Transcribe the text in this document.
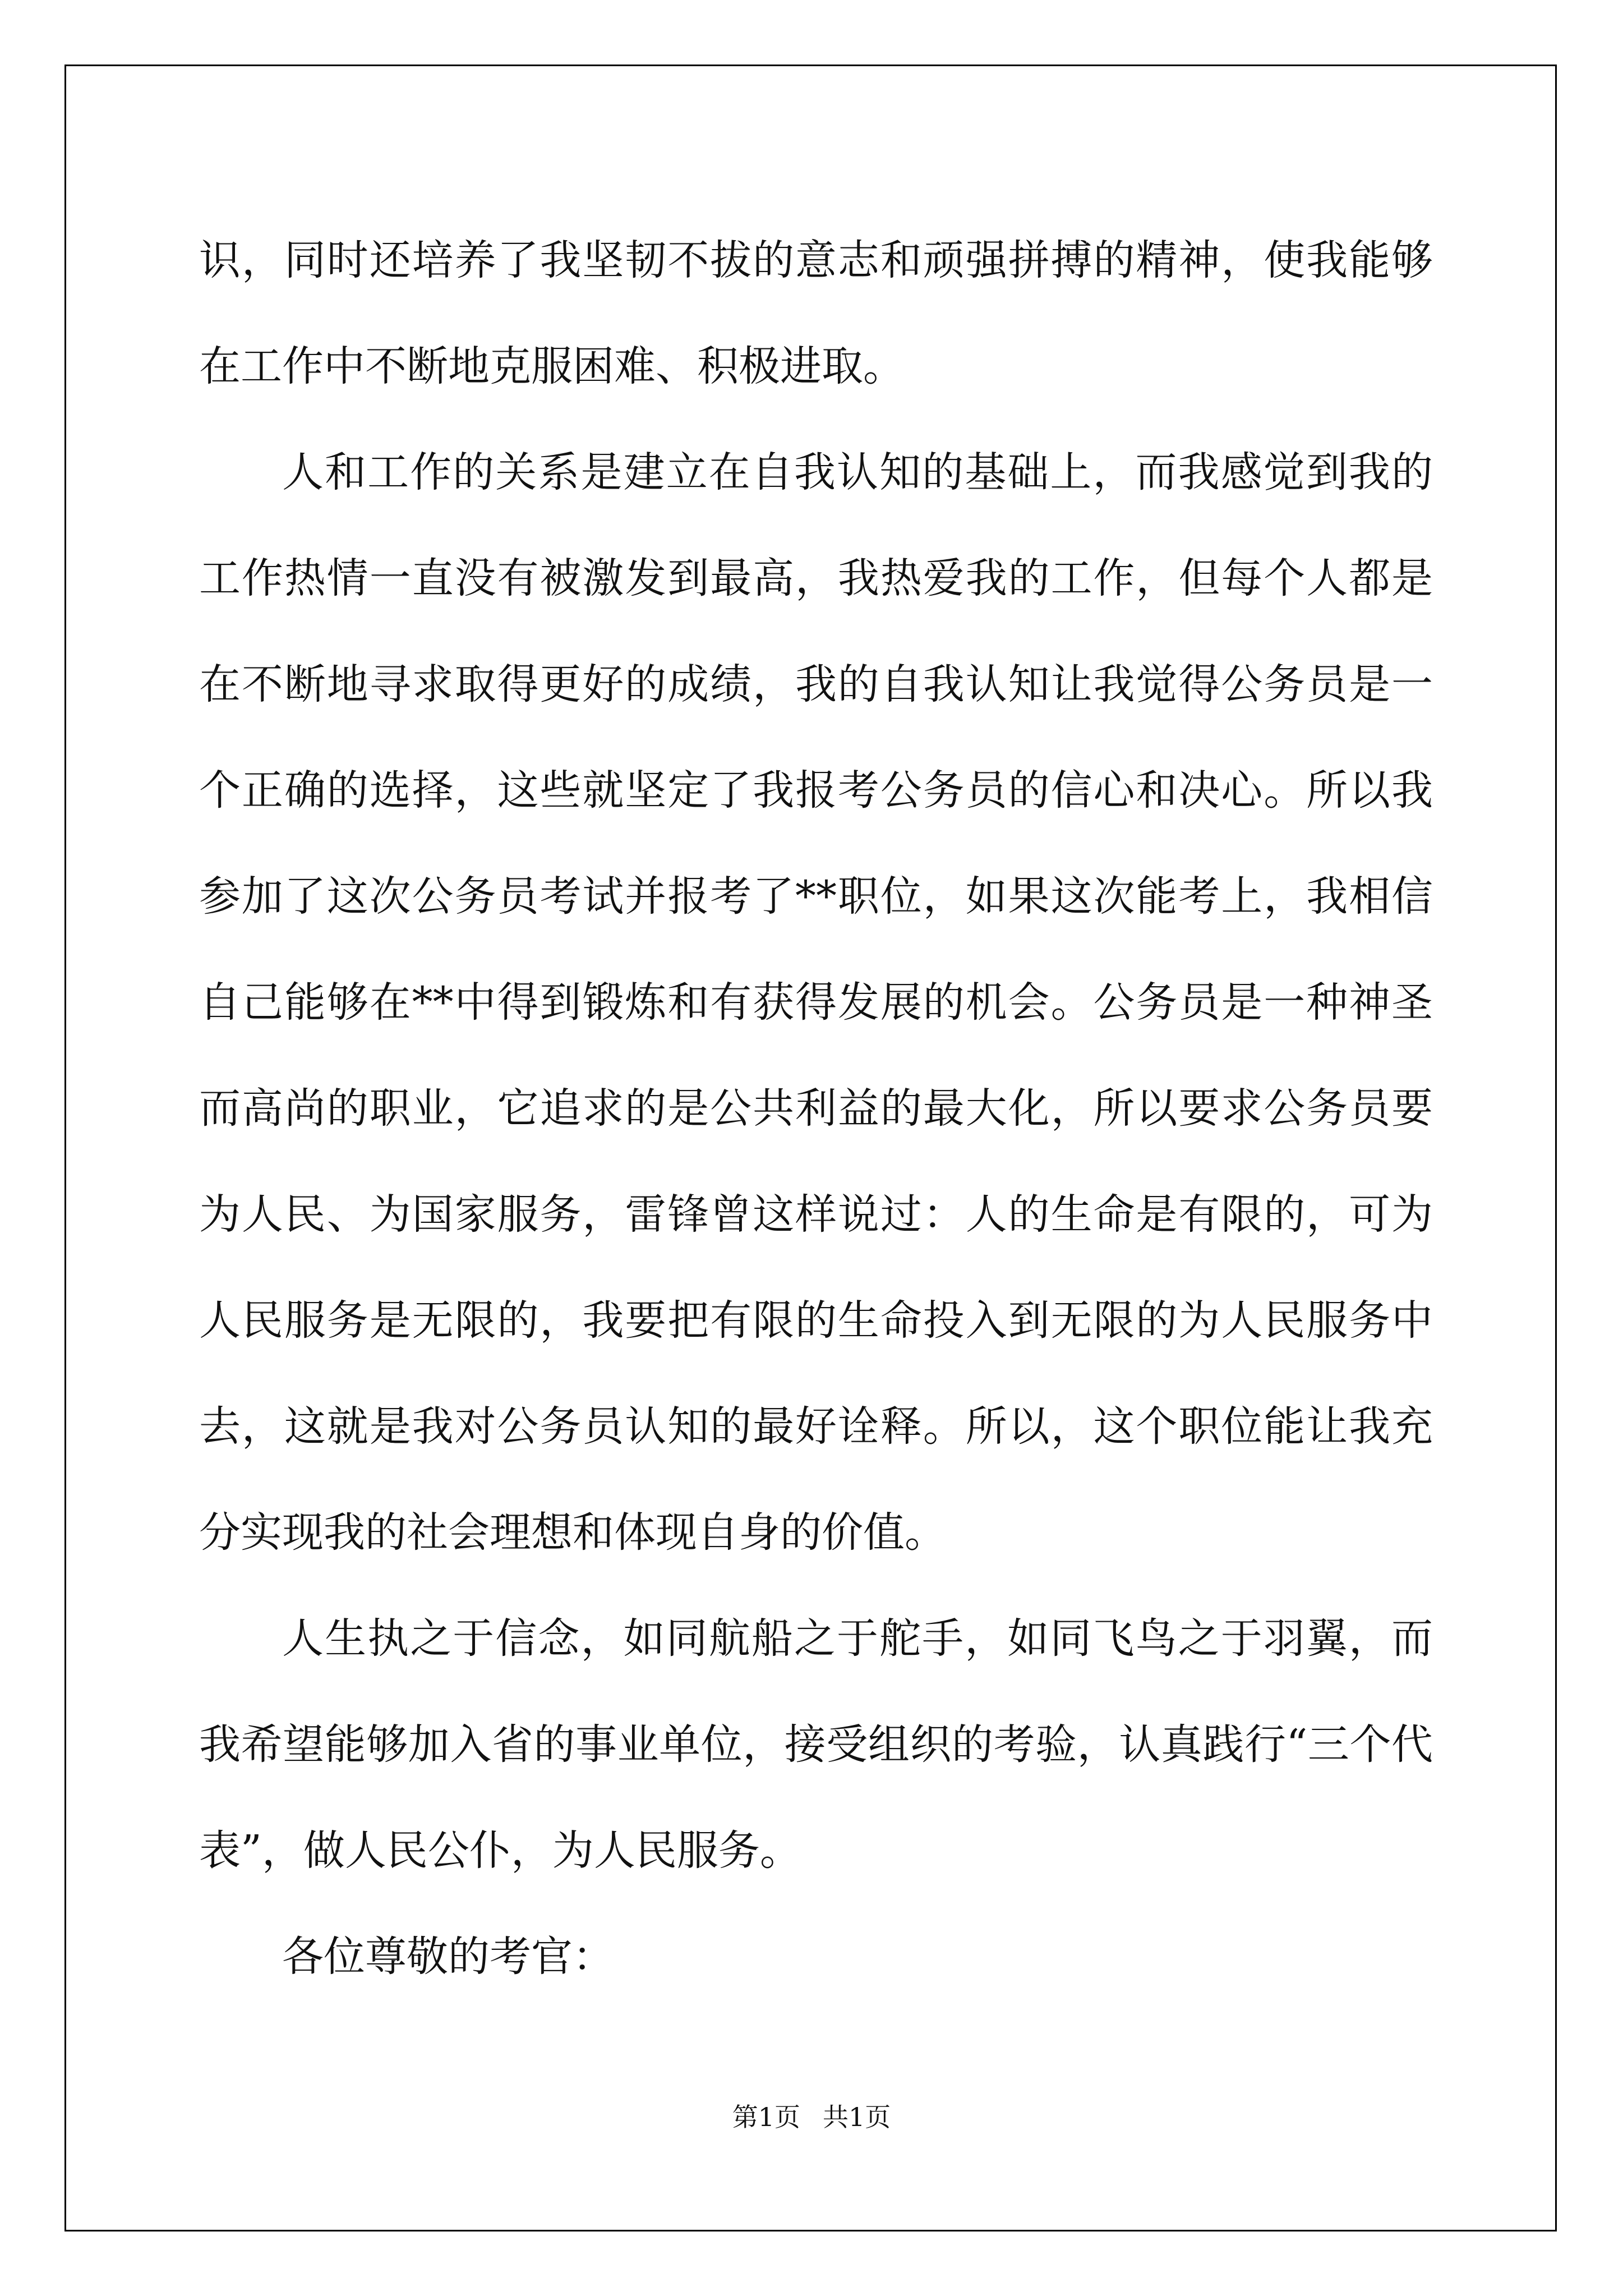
识，同时还培养了我坚韧不拔的意志和顽强拼搏的精神，使我能够在工作中不断地克服困难、积极进取。

人和工作的关系是建立在自我认知的基础上，而我感觉到我的工作热情一直没有被激发到最高，我热爱我的工作，但每个人都是在不断地寻求取得更好的成绩，我的自我认知让我觉得公务员是一个正确的选择，这些就坚定了我报考公务员的信心和决心。所以我参加了这次公务员考试并报考了**职位，如果这次能考上，我相信自己能够在**中得到锻炼和有获得发展的机会。公务员是一种神圣而高尚的职业，它追求的是公共利益的最大化，所以要求公务员要为人民、为国家服务，雷锋曾这样说过：人的生命是有限的，可为人民服务是无限的，我要把有限的生命投入到无限的为人民服务中去，这就是我对公务员认知的最好诠释。所以，这个职位能让我充分实现我的社会理想和体现自身的价值。

人生执之于信念，如同航船之于舵手，如同飞鸟之于羽翼，而我希望能够加入省的事业单位，接受组织的考验，认真践行“三个代表”，做人民公仆，为人民服务。

各位尊敬的考官：

第1页 共1页
